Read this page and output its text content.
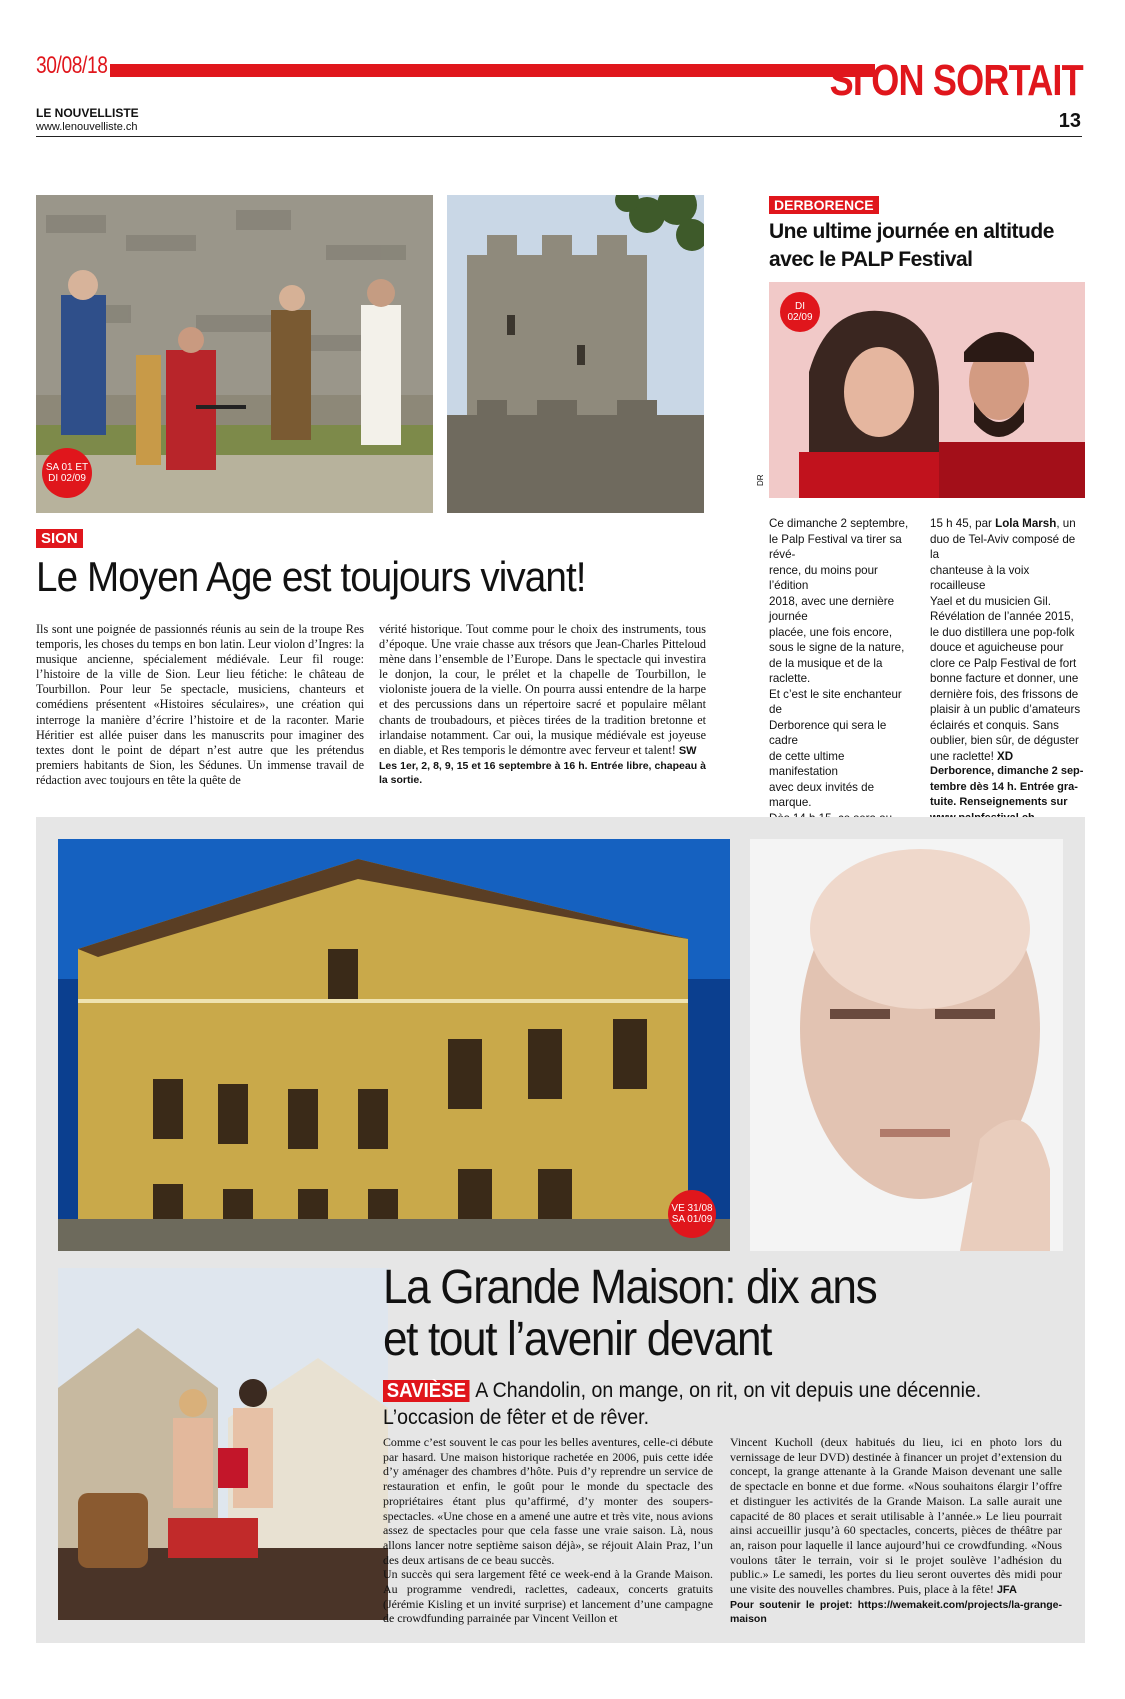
30/08/18	SI ON SORTAIT
LE NOUVELLISTE
www.lenouvelliste.ch	13
SA 01 ET
DI 02/09
SION
Le Moyen Age est toujours vivant!
Ils sont une poignée de passionnés réunis au sein de la troupe Res temporis, les choses du temps en bon latin. Leur violon d’Ingres: la musique ancienne, spécialement médiévale. Leur fil rouge: l’histoire de la ville de Sion. Leur lieu fétiche: le château de Tourbillon. Pour leur 5e spectacle, musiciens, chanteurs et comédiens présentent «Histoires séculaires», une création qui interroge la manière d’écrire l’histoire et de la raconter. Marie Héritier est allée puiser dans les manuscrits pour imaginer des textes dont le point de départ n’est autre que les prétendus premiers habitants de Sion, les Sédunes. Un immense travail de rédaction avec toujours en tête la quête de
vérité historique. Tout comme pour le choix des instruments, tous d’époque. Une vraie chasse aux trésors que Jean-Charles Pitteloud mène dans l’ensemble de l’Europe. Dans le spectacle qui investira le donjon, la cour, le prélet et la chapelle de Tourbillon, le violoniste jouera de la vielle. On pourra aussi entendre de la harpe et des percussions dans un répertoire sacré et populaire mêlant chants de troubadours, et pièces tirées de la tradition bretonne et irlandaise notamment. Car oui, la musique médiévale est joyeuse en diable, et Res temporis le démontre avec ferveur et talent! SW
Les 1er, 2, 8, 9, 15 et 16 septembre à 16 h. Entrée libre, chapeau à la sortie.
DERBORENCE
Une ultime journée en altitude
avec le PALP Festival
DI
02/09
DR
Ce dimanche 2 septembre,
le Palp Festival va tirer sa révé-
rence, du moins pour l’édition
2018, avec une dernière journée
placée, une fois encore,
sous le signe de la nature,
de la musique et de la raclette.
Et c’est le site enchanteur de
Derborence qui sera le cadre
de cette ultime manifestation
avec deux invités de marque.
15 h 45, par Lola Marsh, un
duo de Tel-Aviv composé de la
chanteuse à la voix rocailleuse
Yael et du musicien Gil.
Révélation de l’année 2015,
le duo distillera une pop-folk
douce et aguicheuse pour
clore ce Palp Festival de fort
bonne facture et donner, une
dernière fois, des frissons de
plaisir à un public d’amateurs
éclairés et conquis. Sans
oublier, bien sûr, de déguster
une raclette! XD
Derborence, dimanche 2 sep-
tembre dès 14 h. Entrée gra-
tuite. Renseignements sur
VE 31/08
SA 01/09
La Grande Maison: dix ans
et tout l’avenir devant
SAVIÈSE A Chandolin, on mange, on rit, on vit depuis une décennie.
L’occasion de fêter et de rêver.
Comme c’est souvent le cas pour les belles aventures, celle-ci débute par hasard. Une maison historique rachetée en 2006, puis cette idée d’y aménager des chambres d’hôte. Puis d’y reprendre un service de restauration et enfin, le goût pour le monde du spectacle des propriétaires étant plus qu’affirmé, d’y monter des soupers-spectacles. «Une chose en a amené une autre et très vite, nous avions assez de spectacles pour que cela fasse une vraie saison. Là, nous allons lancer notre septième saison déjà», se réjouit Alain Praz, l’un des deux artisans de ce beau succès.
Un succès qui sera largement fêté ce week-end à la Grande Maison. Au programme vendredi, raclettes, cadeaux, concerts gratuits (Jérémie Kisling et un invité surprise) et lancement d’une campagne de crowdfunding parrainée par Vincent Veillon et
Vincent Kucholl (deux habitués du lieu, ici en photo lors du vernissage de leur DVD) destinée à financer un projet d’extension du concept, la grange attenante à la Grande Maison devenant une salle de spectacle en bonne et due forme. «Nous souhaitons élargir l’offre et distinguer les activités de la Grande Maison. La salle aurait une capacité de 80 places et serait utilisable à l’année.» Le lieu pourrait ainsi accueillir jusqu’à 60 spectacles, concerts, pièces de théâtre par an, raison pour laquelle il lance aujourd’hui ce crowdfunding. «Nous voulons tâter le terrain, voir si le projet soulève l’adhésion du public.» Le samedi, les portes du lieu seront ouvertes dès midi pour une visite des nouvelles chambres. Puis, place à la fête! JFA
Pour soutenir le projet: https://wemakeit.com/projects/la-grange-maison
